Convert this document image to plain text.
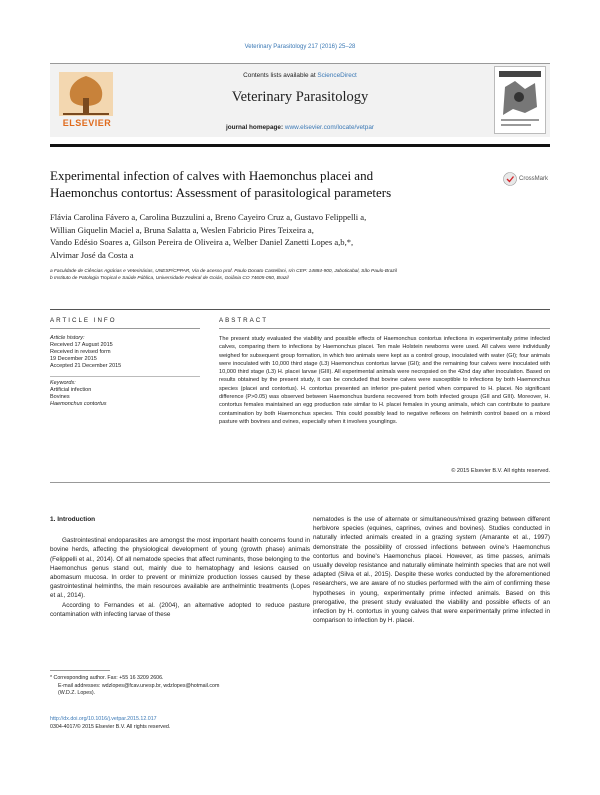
Veterinary Parasitology 217 (2016) 25–28
ELSEVIER
Contents lists available at ScienceDirect
Veterinary Parasitology
journal homepage: www.elsevier.com/locate/vetpar
Experimental infection of calves with Haemonchus placei and
Haemonchus contortus: Assessment of parasitological parameters
CrossMark
Flávia Carolina Fávero a, Carolina Buzzulini a, Breno Cayeiro Cruz a, Gustavo Felippelli a,
Willian Giquelin Maciel a, Bruna Salatta a, Weslen Fabricio Pires Teixeira a,
Vando Edésio Soares a, Gilson Pereira de Oliveira a, Welber Daniel Zanetti Lopes a,b,*,
Alvimar José da Costa a
a Faculdade de Ciências Agrárias e Veterinárias, UNESP/CPPAR, Via de acesso prof. Paulo Donato Castellani, s/n CEP: 14884-900, Jaboticabal, São Paulo-Brazil
b Instituto de Patologia Tropical e Saúde Pública, Universidade Federal de Goiás, Goiânia CO 74605-050, Brazil
ARTICLE INFO	ABSTRACT
Article history:
Received 17 August 2015
Received in revised form
19 December 2015
Accepted 21 December 2015
Keywords:
Artificial infection
Bovines
Haemonchus contortus
The present study evaluated the viability and possible effects of Haemonchus contortus infections in experimentally prime infected calves, comparing them to infections by Haemonchus placei. Ten male Holstein newborns were used. All calves were individually weighed for subsequent group formation, in which two animals were kept as a control group, inoculated with water (GI); four animals were inoculated with 10,000 third stage (L3) Haemonchus contortus larvae (GII); and the remaining four calves were inoculated with 10,000 third stage (L3) H. placei larvae (GIII). All experimental animals were necropsied on the 42nd day after inoculation. Based on results obtained by the present study, it can be concluded that bovine calves were susceptible to infections by both Haemonchus species (placei and contortus). H. contortus presented an inferior pre-patent period when compared to H. placei. No significant difference (P>0.05) was observed between Haemonchus burdens recovered from both infected groups (GII and GIII). Moreover, H. contortus females maintained an egg production rate similar to H. placei females in young animals, which can contribute to pasture contamination by both Haemonchus species. This could possibly lead to negative reflexes on helminth control based on a mixed pasture with bovines and ovines, especially when it involves younglings.
© 2015 Elsevier B.V. All rights reserved.
1. Introduction

Gastrointestinal endoparasites are amongst the most important health concerns found in bovine herds, affecting the physiological development of young (growth phase) animals (Felippelli et al., 2014). Of all nematode species that affect ruminants, those belonging to the Haemonchus genus stand out, mainly due to hematophagy and lesions caused on abomasum mucosa. In order to prevent or minimize production losses caused by these gastrointestinal helminths, the main resources available are anthelmintic treatments (Lopes et al., 2014).

According to Fernandes et al. (2004), an alternative adopted to reduce pasture contamination with infecting larvae of these

nematodes is the use of alternate or simultaneous/mixed grazing between different herbivore species (equines, caprines, ovines and bovines). Studies conducted in naturally infected animals created in a grazing system (Amarante et al., 1997) demonstrate the possibility of crossed infections between ovine's Haemonchus contortus and bovine's Haemonchus placei. However, as time passes, animals usually develop resistance and naturally eliminate helminth species that are not well adapted (Silva et al., 2015). Despite these works conducted by the aforementioned researchers, we are aware of no studies performed with the aim of confirming these hypotheses in young, experimentally prime infected animals. Based on this prerogative, the present study evaluated the viability and possible effects of an infection by H. contortus in young calves that were experimentally prime infected in comparison to infection by H. placei.

* Corresponding author. Fax: +55 16 3209 2606.
E-mail addresses: wdzlopes@fcav.unesp.br, wdzlopes@hotmail.com
(W.D.Z. Lopes).
http://dx.doi.org/10.1016/j.vetpar.2015.12.017
0304-4017/© 2015 Elsevier B.V. All rights reserved.
